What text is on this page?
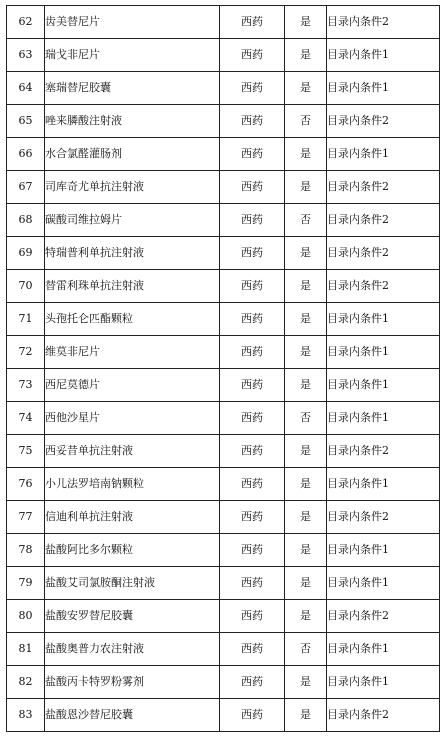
62	齿美替尼片	西药	是	目录内条件2
63	瑞戈非尼片	西药	是	目录内条件1
64	塞瑞替尼胶囊	西药	是	目录内条件1
65	唑来膦酸注射液	西药	否	目录内条件2
66	水合氯醛灌肠剂	西药	是	目录内条件1
67	司库奇尤单抗注射液	西药	是	目录内条件2
68	碳酸司维拉姆片	西药	否	目录内条件2
69	特瑞普利单抗注射液	西药	是	目录内条件2
70	替雷利珠单抗注射液	西药	是	目录内条件2
71	头孢托仑匹酯颗粒	西药	是	目录内条件1
72	维莫非尼片	西药	是	目录内条件1
73	西尼莫德片	西药	是	目录内条件1
74	西他沙星片	西药	否	目录内条件1
75	西妥昔单抗注射液	西药	是	目录内条件2
76	小儿法罗培南钠颗粒	西药	是	目录内条件1
77	信迪利单抗注射液	西药	是	目录内条件2
78	盐酸阿比多尔颗粒	西药	是	目录内条件1
79	盐酸艾司氯胺酮注射液	西药	是	目录内条件1
80	盐酸安罗替尼胶囊	西药	是	目录内条件2
81	盐酸奥普力农注射液	西药	否	目录内条件1
82	盐酸丙卡特罗粉雾剂	西药	是	目录内条件1
83	盐酸恩沙替尼胶囊	西药	是	目录内条件2
